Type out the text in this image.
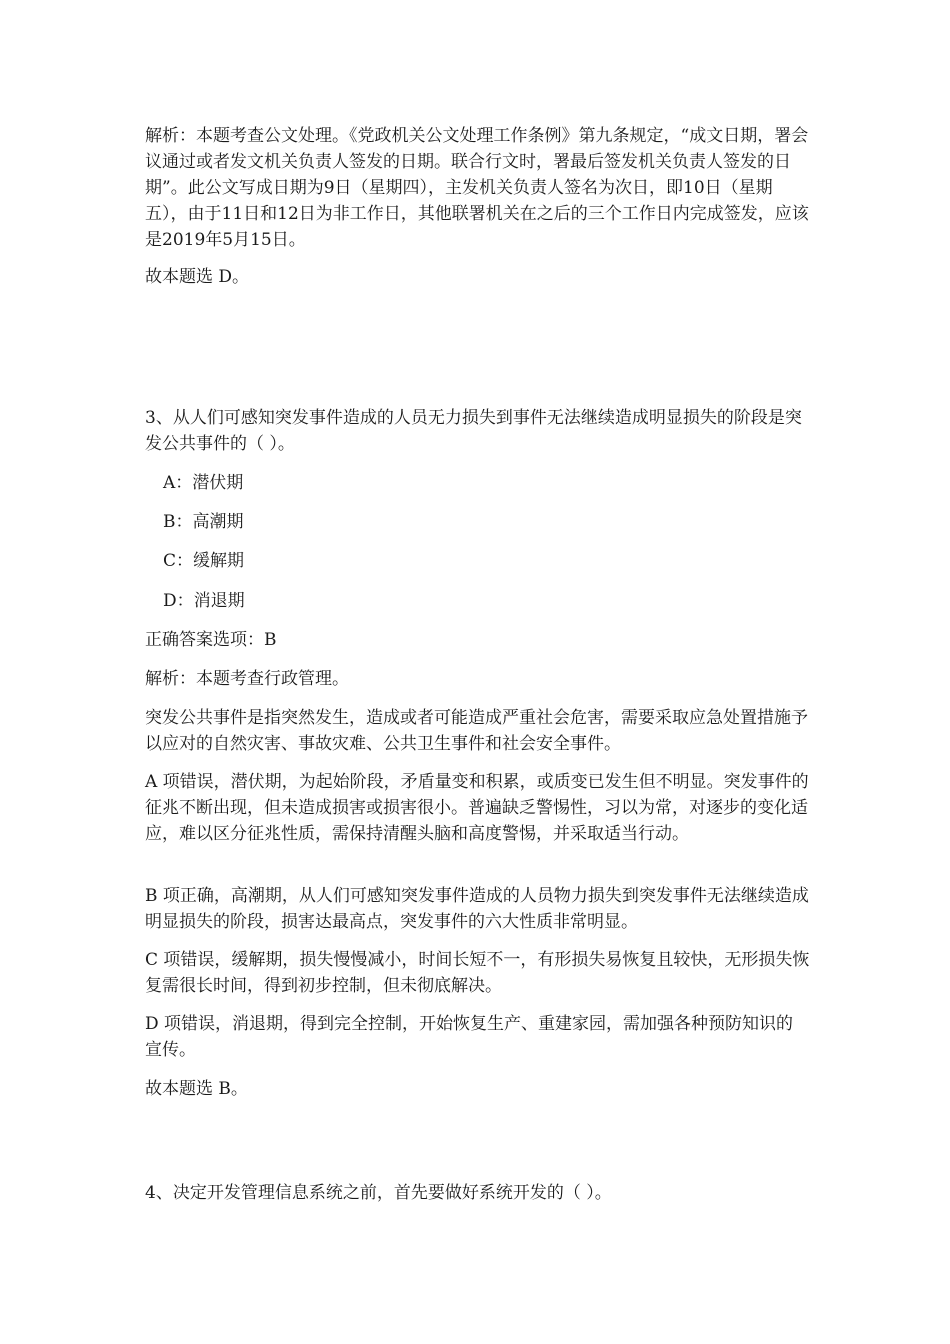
解析：本题考查公文处理。《党政机关公文处理工作条例》第九条规定，“成文日期，署会议通过或者发文机关负责人签发的日期。联合行文时，署最后签发机关负责人签发的日期”。此公文写成日期为9日（星期四），主发机关负责人签名为次日，即10日（星期五），由于11日和12日为非工作日，其他联署机关在之后的三个工作日内完成签发，应该是2019年5月15日。

故本题选 D。

3、从人们可感知突发事件造成的人员无力损失到事件无法继续造成明显损失的阶段是突发公共事件的（ ）。

A：潜伏期

B：高潮期

C：缓解期

D：消退期

正确答案选项：B

解析：本题考查行政管理。

突发公共事件是指突然发生，造成或者可能造成严重社会危害，需要采取应急处置措施予以应对的自然灾害、事故灾难、公共卫生事件和社会安全事件。

A 项错误，潜伏期，为起始阶段，矛盾量变和积累，或质变已发生但不明显。突发事件的征兆不断出现，但未造成损害或损害很小。普遍缺乏警惕性，习以为常，对逐步的变化适应，难以区分征兆性质，需保持清醒头脑和高度警惕，并采取适当行动。

B 项正确，高潮期，从人们可感知突发事件造成的人员物力损失到突发事件无法继续造成明显损失的阶段，损害达最高点，突发事件的六大性质非常明显。

C 项错误，缓解期，损失慢慢减小，时间长短不一，有形损失易恢复且较快，无形损失恢复需很长时间，得到初步控制，但未彻底解决。

D 项错误，消退期，得到完全控制，开始恢复生产、重建家园，需加强各种预防知识的宣传。

故本题选 B。

4、决定开发管理信息系统之前，首先要做好系统开发的（ ）。
